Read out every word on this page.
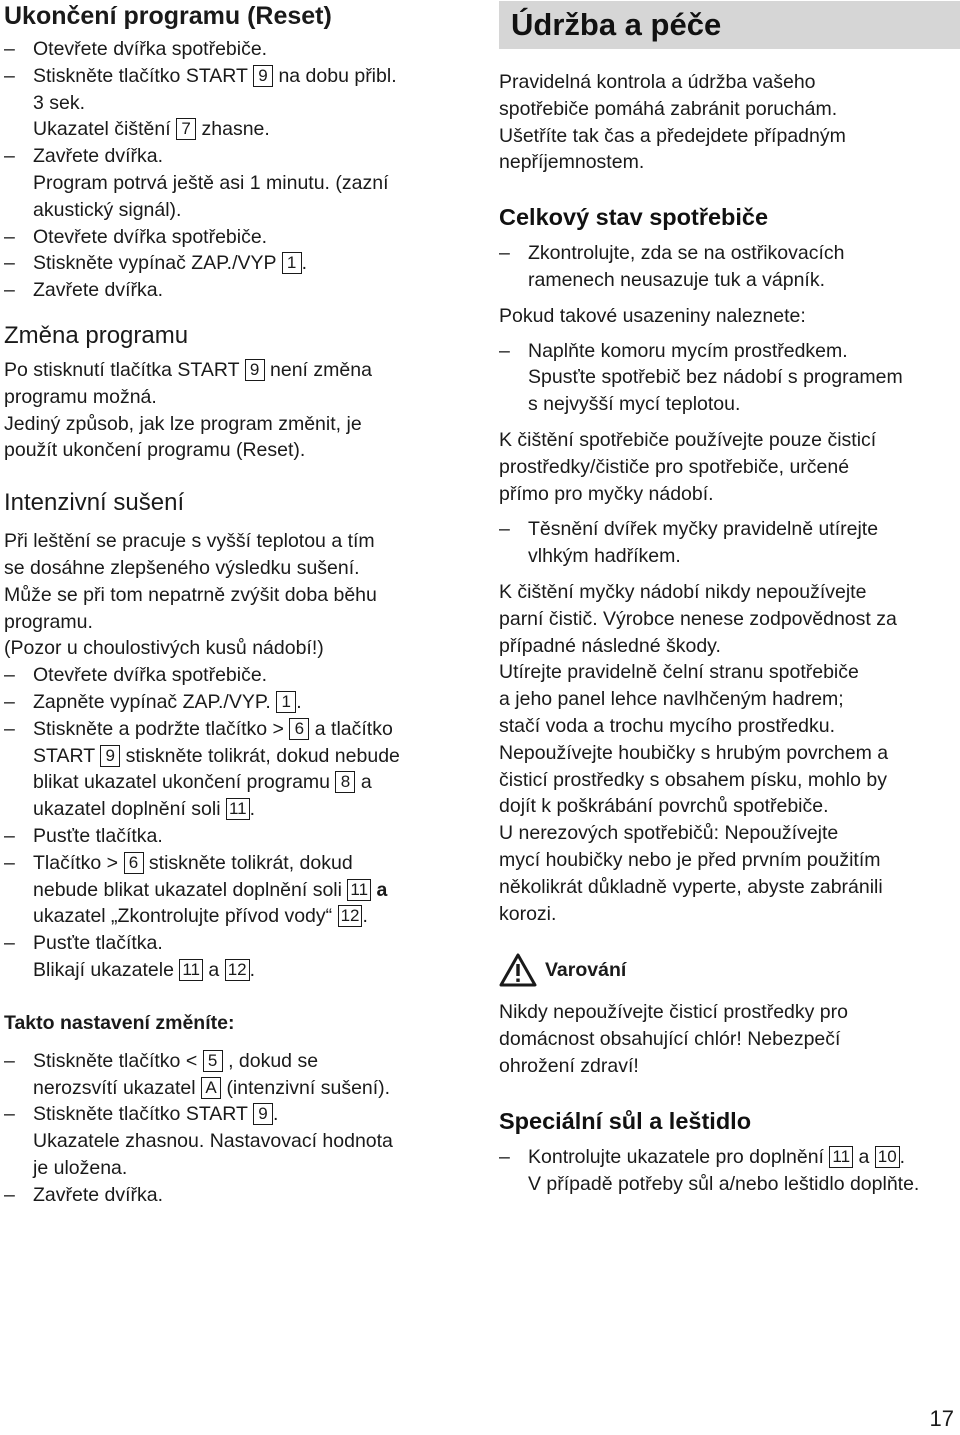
Ukončení programu (Reset)
– Otevřete dvířka spotřebiče.
– Stiskněte tlačítko START 9 na dobu přibl.

3 sek.

Ukazatel čištění 7 zhasne.

– Zavřete dvířka.

Program potrvá ještě asi 1 minutu. (zazní

akustický signál).

– Otevřete dvířka spotřebiče.
– Stiskněte vypínač ZAP./VYP 1 .
– Zavřete dvířka.
Změna programu

Po stisknutí tlačítka START 9 není změna

programu možná.

Jediný způsob, jak lze program změnit, je

použít ukončení programu (Reset).

Intenzivní sušení

Při leštění se pracuje s vyšší teplotou a tím

se dosáhne zlepšeného výsledku sušení.

Může se při tom nepatrně zvýšit doba běhu

programu.

(Pozor u choulostivých kusů nádobí!)

– Otevřete dvířka spotřebiče.
– Zapněte vypínač ZAP./VYP. 1 .
– Stiskněte a podržte tlačítko > 6 a tlačítko

START 9 stiskněte tolikrát, dokud nebude

blikat ukazatel ukončení programu 8 a

ukazatel doplnění soli 11 .

– Pusťte tlačítka.
– Tlačítko > 6 stiskněte tolikrát, dokud

nebude blikat ukazatel doplnění soli 11 a

ukazatel „Zkontrolujte přívod vody“ 12 .

– Pusťte tlačítka.

Blikají ukazatele 11 a 12 .

Takto nastavení změníte:
– Stiskněte tlačítko < 5 , dokud se

nerozsvítí ukazatel A (intenzivní sušení).

– Stiskněte tlačítko START 9 .

Ukazatele zhasnou. Nastavovací hodnota

je uložena.

– Zavřete dvířka.
Údržba a péče

Pravidelná kontrola a údržba vašeho

spotřebiče pomáhá zabránit poruchám.

Ušetříte tak čas a předejdete případným

nepříjemnostem.

Celkový stav spotřebiče
– Zkontrolujte, zda se na ostřikovacích

ramenech neusazuje tuk a vápník.

Pokud takové usazeniny naleznete:

– Naplňte komoru mycím prostředkem.

Spusťte spotřebič bez nádobí s programem

s nejvyšší mycí teplotou.

K čištění spotřebiče používejte pouze čisticí

prostředky/čističe pro spotřebiče, určené

přímo pro myčky nádobí.

– Těsnění dvířek myčky pravidelně utírejte

vlhkým hadříkem.

K čištění myčky nádobí nikdy nepoužívejte

parní čistič. Výrobce nenese zodpovědnost za

případné následné škody.

Utírejte pravidelně čelní stranu spotřebiče

a jeho panel lehce navlhčeným hadrem;

stačí voda a trochu mycího prostředku.

Nepoužívejte houbičky s hrubým povrchem a

čisticí prostředky s obsahem písku, mohlo by

dojít k poškrábání povrchů spotřebiče.

U nerezových spotřebičů: Nepoužívejte

mycí houbičky nebo je před prvním použitím

několikrát důkladně vyperte, abyste zabránili

korozi.

Varování

Nikdy nepoužívejte čisticí prostředky pro

domácnost obsahující chlór! Nebezpečí

ohrožení zdraví!

Speciální sůl a leštidlo
– Kontrolujte ukazatele pro doplnění 11 a 10 .

V případě potřeby sůl a/nebo leštidlo doplňte.

17
